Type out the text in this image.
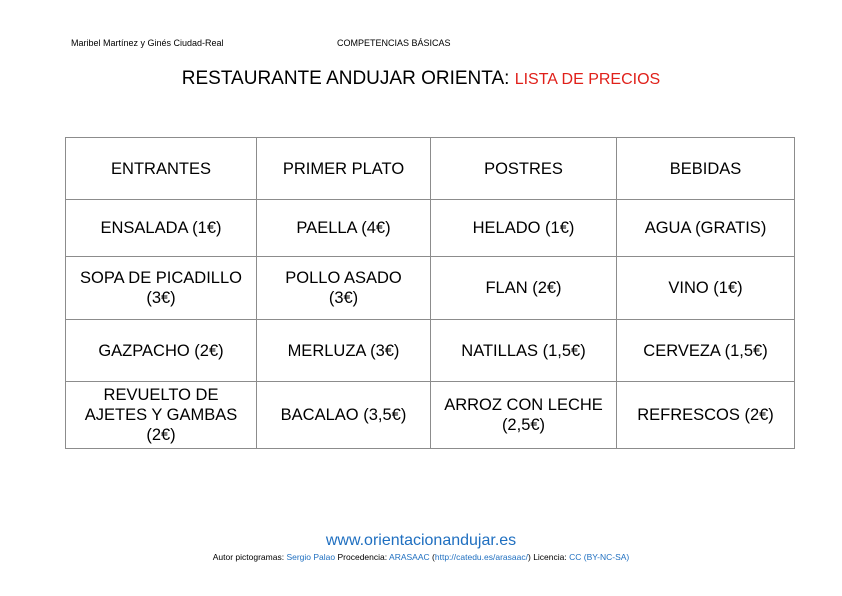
Maribel Martínez y Ginés Ciudad-Real	COMPETENCIAS BÁSICAS
RESTAURANTE ANDUJAR ORIENTA: LISTA DE PRECIOS
ENTRANTES	PRIMER PLATO	POSTRES	BEBIDAS
ENSALADA (1€)	PAELLA (4€)	HELADO (1€)	AGUA (GRATIS)
SOPA DE PICADILLO (3€)	POLLO ASADO (3€)	FLAN (2€)	VINO (1€)
GAZPACHO (2€)	MERLUZA (3€)	NATILLAS (1,5€)	CERVEZA (1,5€)
REVUELTO DE AJETES Y GAMBAS (2€)	BACALAO (3,5€)	ARROZ CON LECHE (2,5€)	REFRESCOS (2€)
www.orientacionandujar.es
Autor pictogramas: Sergio Palao Procedencia: ARASAAC (http://catedu.es/arasaac/) Licencia: CC (BY-NC-SA)
